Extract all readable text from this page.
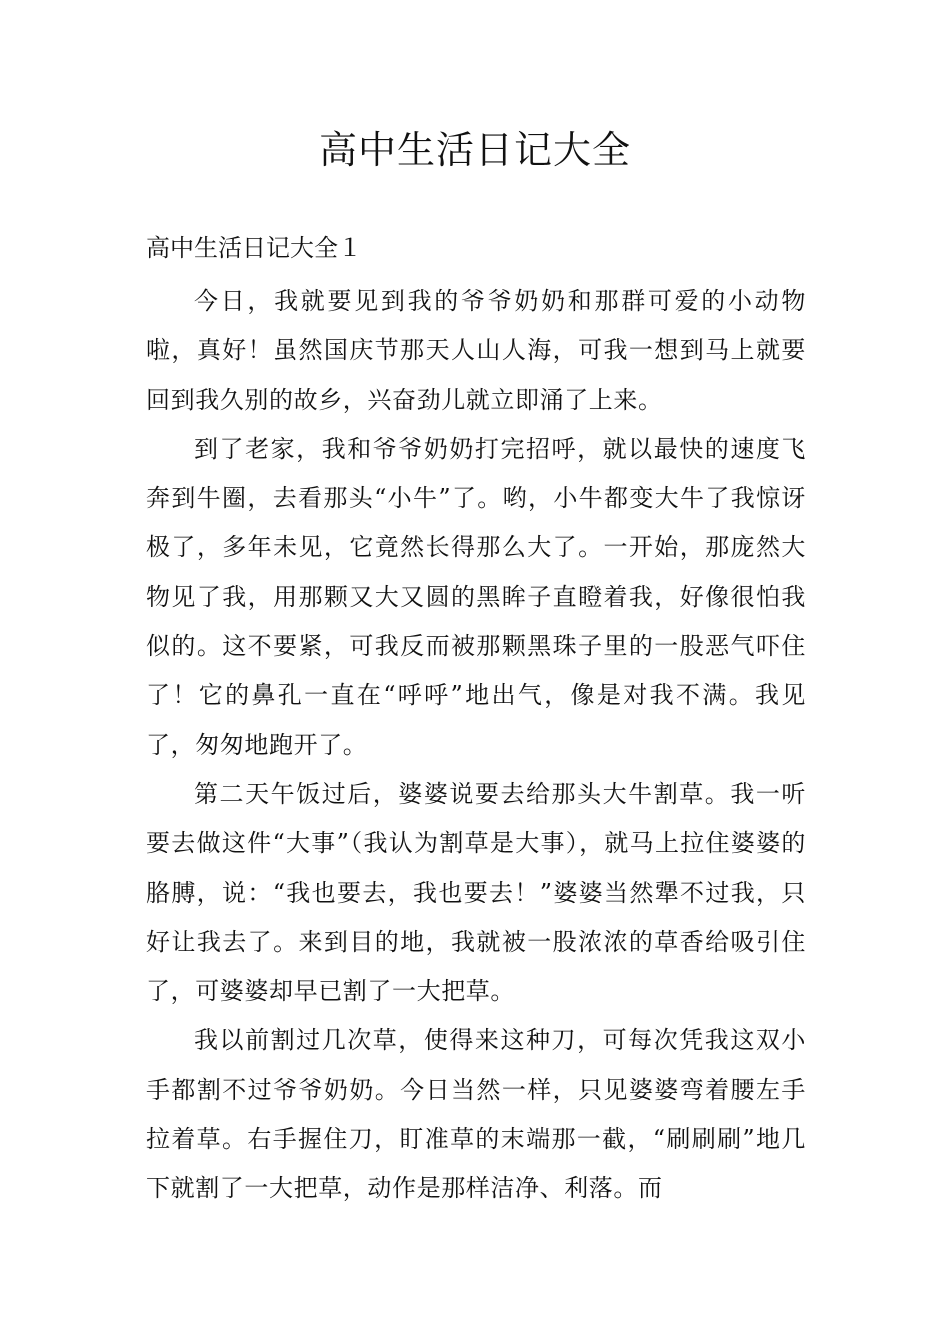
高中生活日记大全
高中生活日记大全１

今日，我就要见到我的爷爷奶奶和那群可爱的小动物啦，真好！虽然国庆节那天人山人海，可我一想到马上就要回到我久别的故乡，兴奋劲儿就立即涌了上来。

到了老家，我和爷爷奶奶打完招呼，就以最快的速度飞奔到牛圈，去看那头“小牛”了。哟，小牛都变大牛了我惊讶极了，多年未见，它竟然长得那么大了。一开始，那庞然大物见了我，用那颗又大又圆的黑眸子直瞪着我，好像很怕我似的。这不要紧，可我反而被那颗黑珠子里的一股恶气吓住了！它的鼻孔一直在“呼呼”地出气，像是对我不满。我见了，匆匆地跑开了。

第二天午饭过后，婆婆说要去给那头大牛割草。我一听要去做这件“大事”（我认为割草是大事），就马上拉住婆婆的胳膊，说：“我也要去，我也要去！”婆婆当然犟不过我，只好让我去了。来到目的地，我就被一股浓浓的草香给吸引住了，可婆婆却早已割了一大把草。

我以前割过几次草，使得来这种刀，可每次凭我这双小手都割不过爷爷奶奶。今日当然一样，只见婆婆弯着腰左手拉着草。右手握住刀，盯准草的末端那一截，“刷刷刷”地几下就割了一大把草，动作是那样洁净、利落。而
